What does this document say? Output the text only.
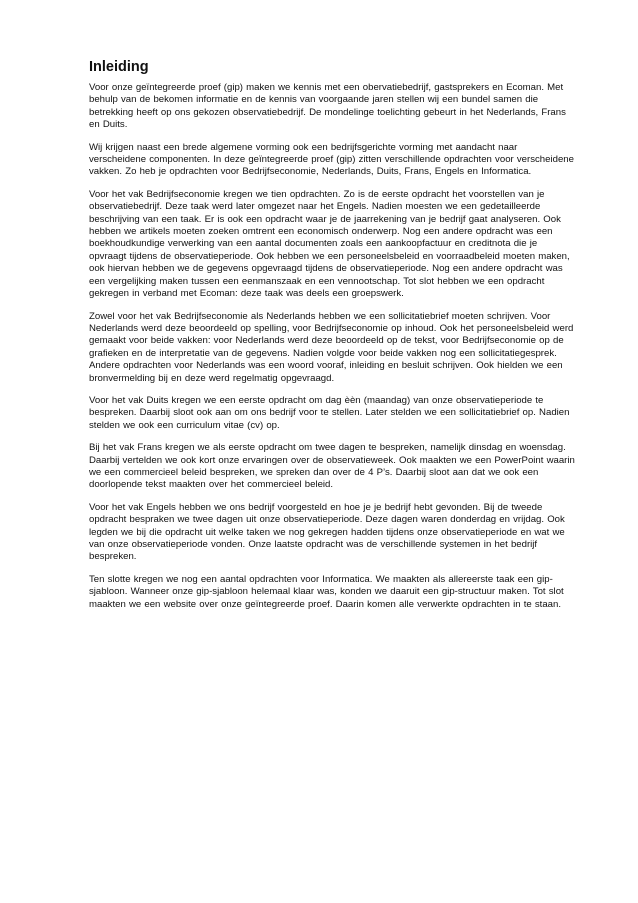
Inleiding

Voor onze geïntegreerde proef (gip) maken we kennis met een obervatiebedrijf, gastsprekers en Ecoman. Met behulp van de bekomen informatie en de kennis van voorgaande jaren stellen wij een bundel samen die betrekking heeft op ons gekozen observatiebedrijf. De mondelinge toelichting gebeurt in het Nederlands, Frans en Duits.

Wij krijgen naast een brede algemene vorming ook een bedrijfsgerichte vorming met aandacht naar verscheidene componenten. In deze geïntegreerde proef (gip) zitten verschillende opdrachten voor verscheidene vakken. Zo heb je opdrachten voor Bedrijfseconomie, Nederlands, Duits, Frans, Engels en Informatica.

Voor het vak Bedrijfseconomie kregen we tien opdrachten. Zo is de eerste opdracht het voorstellen van je observatiebedrijf. Deze taak werd later omgezet naar het Engels. Nadien moesten we een gedetailleerde beschrijving van een taak. Er is ook een opdracht waar je de jaarrekening van je bedrijf gaat analyseren. Ook hebben we artikels moeten zoeken omtrent een economisch onderwerp. Nog een andere opdracht was een boekhoudkundige verwerking van een aantal documenten zoals een aankoopfactuur en creditnota die je opvraagt tijdens de observatieperiode. Ook hebben we een personeelsbeleid en voorraadbeleid moeten maken, ook hiervan hebben we de gegevens opgevraagd tijdens de observatieperiode. Nog een andere opdracht was een vergelijking maken tussen een eenmanszaak en een vennootschap. Tot slot hebben we een opdracht gekregen in verband met Ecoman: deze taak was deels een groepswerk.

Zowel voor het vak Bedrijfseconomie als Nederlands hebben we een sollicitatiebrief moeten schrijven. Voor Nederlands werd deze beoordeeld op spelling, voor Bedrijfseconomie op inhoud. Ook het personeelsbeleid werd gemaakt voor beide vakken: voor Nederlands werd deze beoordeeld op de tekst, voor Bedrijfseconomie op de grafieken en de interpretatie van de gegevens. Nadien volgde voor beide vakken nog een sollicitatiegesprek. Andere opdrachten voor Nederlands was een woord vooraf, inleiding en besluit schrijven. Ook hielden we een bronvermelding bij en deze werd regelmatig opgevraagd.

Voor het vak Duits kregen we een eerste opdracht om dag èèn (maandag) van onze observatieperiode te bespreken. Daarbij sloot ook aan om ons bedrijf voor te stellen. Later stelden we een sollicitatiebrief op. Nadien stelden we ook een curriculum vitae (cv) op.

Bij het vak Frans kregen we als eerste opdracht om twee dagen te bespreken, namelijk dinsdag en woensdag. Daarbij vertelden we ook kort onze ervaringen over de observatieweek. Ook maakten we een PowerPoint waarin we een commercieel beleid bespreken, we spreken dan over de 4 P’s. Daarbij sloot aan dat we ook een doorlopende tekst maakten over het commercieel beleid.

Voor het vak Engels hebben we ons bedrijf voorgesteld en hoe je je bedrijf hebt gevonden. Bij de tweede opdracht bespraken we twee dagen uit onze observatieperiode. Deze dagen waren donderdag en vrijdag. Ook legden we bij die opdracht uit welke taken we nog gekregen hadden tijdens onze observatieperiode en wat we van onze observatieperiode vonden. Onze laatste opdracht was de verschillende systemen in het bedrijf bespreken.

Ten slotte kregen we nog een aantal opdrachten voor Informatica. We maakten als allereerste taak een gip-sjabloon. Wanneer onze gip-sjabloon helemaal klaar was, konden we daaruit een gip-structuur maken. Tot slot maakten we een website over onze geïntegreerde proef. Daarin komen alle verwerkte opdrachten in te staan.
